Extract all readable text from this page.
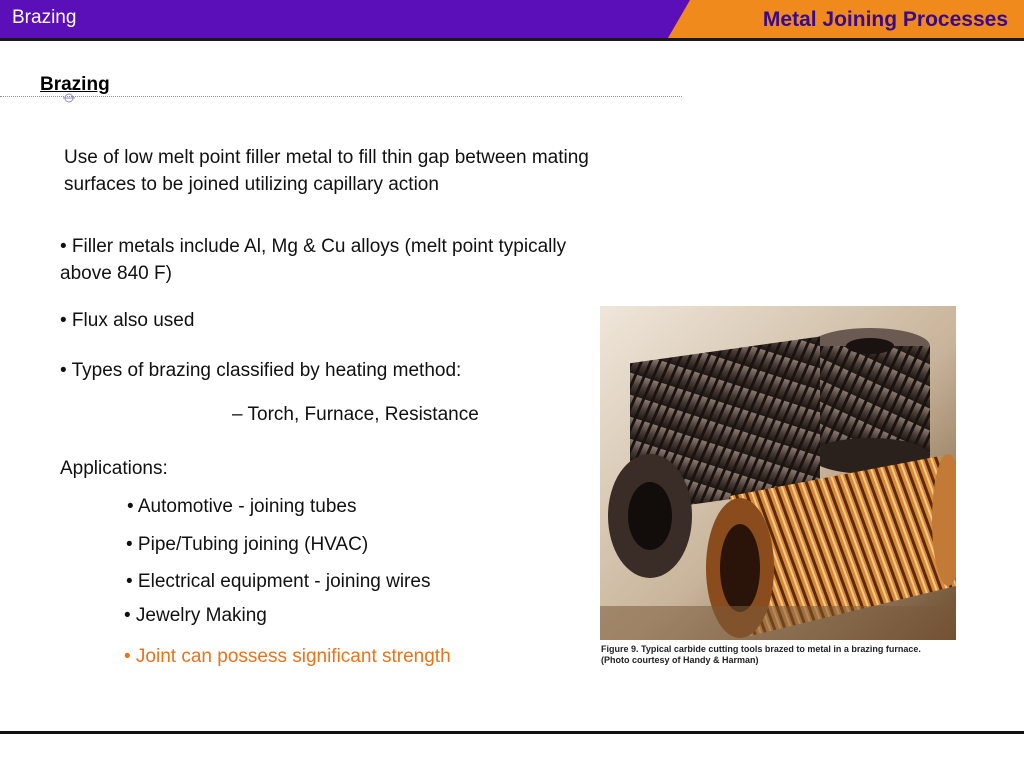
Brazing	Metal Joining Processes
Brazing
Use of low melt point filler metal to fill thin gap between mating surfaces to be joined utilizing capillary action
• Filler metals include Al, Mg & Cu alloys (melt point typically above 840 F)
• Flux also used
• Types of brazing classified by heating method:
– Torch, Furnace, Resistance
Applications:
• Automotive - joining tubes
• Pipe/Tubing joining (HVAC)
• Electrical equipment - joining wires
• Jewelry Making
• Joint can possess significant strength	Figure 9. Typical carbide cutting tools brazed to metal in a brazing furnace. (Photo courtesy of Handy & Harman)
